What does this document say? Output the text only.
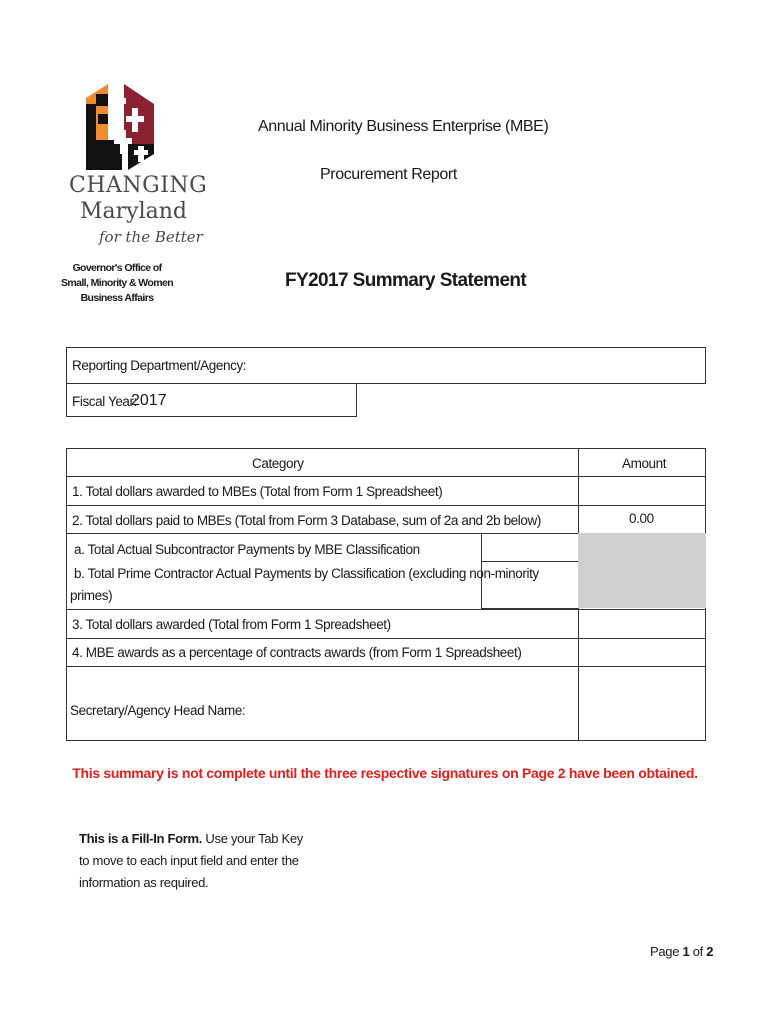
CHANGING
Maryland
for the Better
Governor's Office of
Small, Minority & Women
Business Affairs
Annual Minority Business Enterprise (MBE)
Procurement Report
FY2017 Summary Statement
Reporting Department/Agency:
Fiscal Year:
2017
Category	Amount
1. Total dollars awarded to MBEs (Total from Form 1 Spreadsheet)
2. Total dollars paid to MBEs (Total from Form 3 Database, sum of 2a and 2b below)	0.00
a. Total Actual Subcontractor Payments by MBE Classification
b. Total Prime Contractor Actual Payments by Classification (excluding non-minority
primes)
3. Total dollars awarded (Total from Form 1 Spreadsheet)
4. MBE awards as a percentage of contracts awards (from Form 1 Spreadsheet)
Secretary/Agency Head Name:
This summary is not complete until the three respective signatures on Page 2 have been obtained.
This is a Fill-In Form. Use your Tab Key
to move to each input field and enter the
information as required.
Page 1 of 2
